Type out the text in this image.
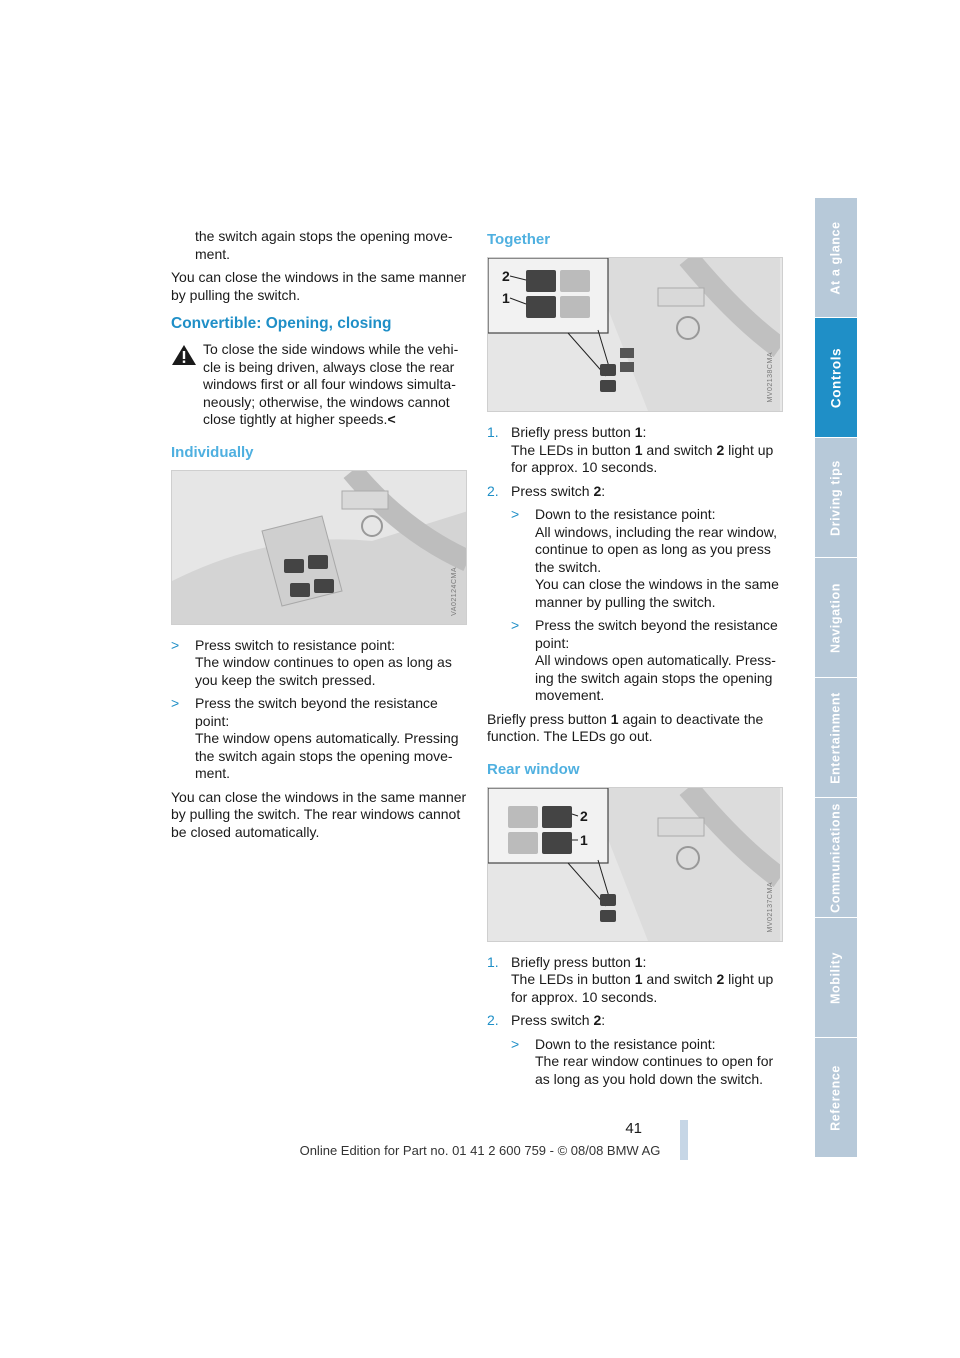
the switch again stops the opening move-ment.

You can close the windows in the same manner by pulling the switch.

Convertible: Opening, closing

To close the side windows while the vehi-cle is being driven, always close the rear windows first or all four windows simulta-neously; otherwise, the windows cannot close tightly at higher speeds.<

Individually
VA02124CMA
> Press switch to resistance point:
The window continues to open as long as you keep the switch pressed.
> Press the switch beyond the resistance point:
The window opens automatically. Pressing the switch again stops the opening move-ment.

You can close the windows in the same manner by pulling the switch. The rear windows cannot be closed automatically.

Together
2
1
MV02138CMA
1. Briefly press button 1:
The LEDs in button 1 and switch 2 light up for approx. 10 seconds.
2. Press switch 2:
> Down to the resistance point:
All windows, including the rear window, continue to open as long as you press the switch.
You can close the windows in the same manner by pulling the switch.
> Press the switch beyond the resistance point:
All windows open automatically. Press-ing the switch again stops the opening movement.

Briefly press button 1 again to deactivate the function. The LEDs go out.

Rear window
2
1
MV02137CMA
1. Briefly press button 1:
The LEDs in button 1 and switch 2 light up for approx. 10 seconds.
2. Press switch 2:
> Down to the resistance point:
The rear window continues to open for as long as you hold down the switch.
At a glance
Controls
Driving tips
Navigation
Entertainment
Communications
Mobility
Reference
41
Online Edition for Part no. 01 41 2 600 759 - © 08/08 BMW AG
